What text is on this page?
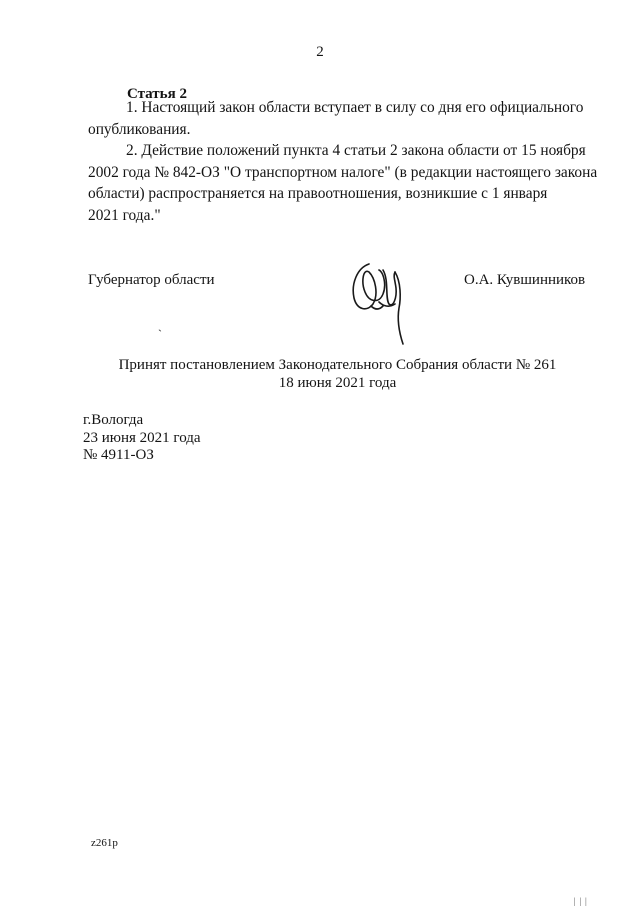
2
Статья 2

1. Настоящий закон области вступает в силу со дня его официального

опубликования.

2. Действие положений пункта 4 статьи 2 закона области от 15 ноября

2002 года № 842-ОЗ "О транспортном налоге" (в редакции настоящего закона

области) распространяется на правоотношения, возникшие с 1 января

2021 года."

Губернатор области	О.А. Кувшинников
ˎ
Принят постановлением Законодательного Собрания области № 261
18 июня 2021 года
г.Вологда
23 июня 2021 года
№ 4911-ОЗ
z261p
 | | |
